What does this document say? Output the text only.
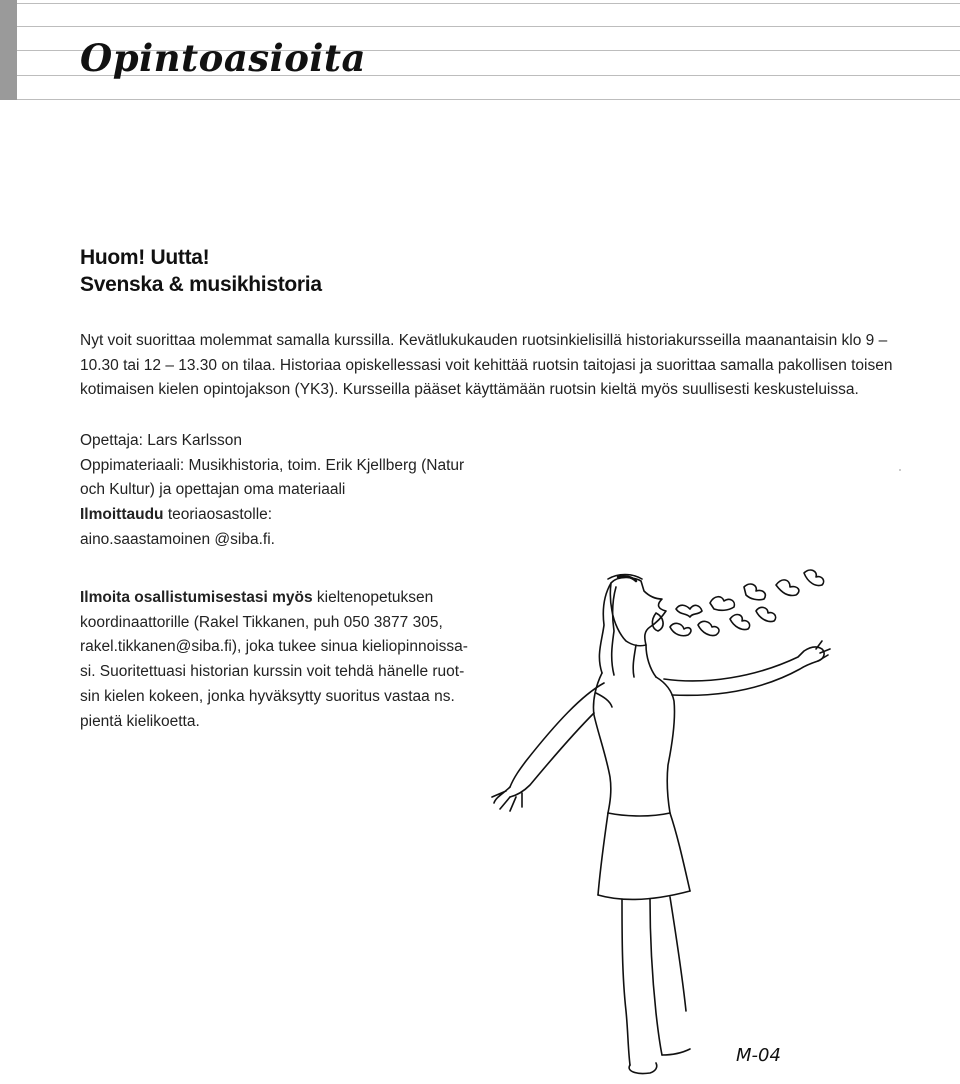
Opintoasioita
Huom! Uutta!
Svenska & musikhistoria
Nyt voit suorittaa molemmat samalla kurssilla. Kevätlukukauden ruotsinkielisillä historiakursseilla maanantaisin klo 9 –
10.30 tai 12 – 13.30 on tilaa. Historiaa opiskellessasi voit kehittää ruotsin taitojasi ja suorittaa samalla pakollisen toisen
kotimaisen kielen opintojakson (YK3). Kursseilla pääset käyttämään ruotsin kieltä myös suullisesti keskusteluissa.
Opettaja: Lars Karlsson
Oppimateriaali: Musikhistoria, toim. Erik Kjellberg (Natur
och Kultur) ja opettajan oma materiaali
Ilmoittaudu teoriaosastolle:
aino.saastamoinen @siba.fi.
Ilmoita osallistumisestasi myös kieltenopetuksen
koordinaattorille (Rakel Tikkanen, puh 050 3877 305,
rakel.tikkanen@siba.fi), joka tukee sinua kieliopinnoissa-
si. Suoritettuasi historian kurssin voit tehdä hänelle ruot-
sin kielen kokeen, jonka hyväksytty suoritus vastaa ns.
pientä kielikoetta.
M-04
